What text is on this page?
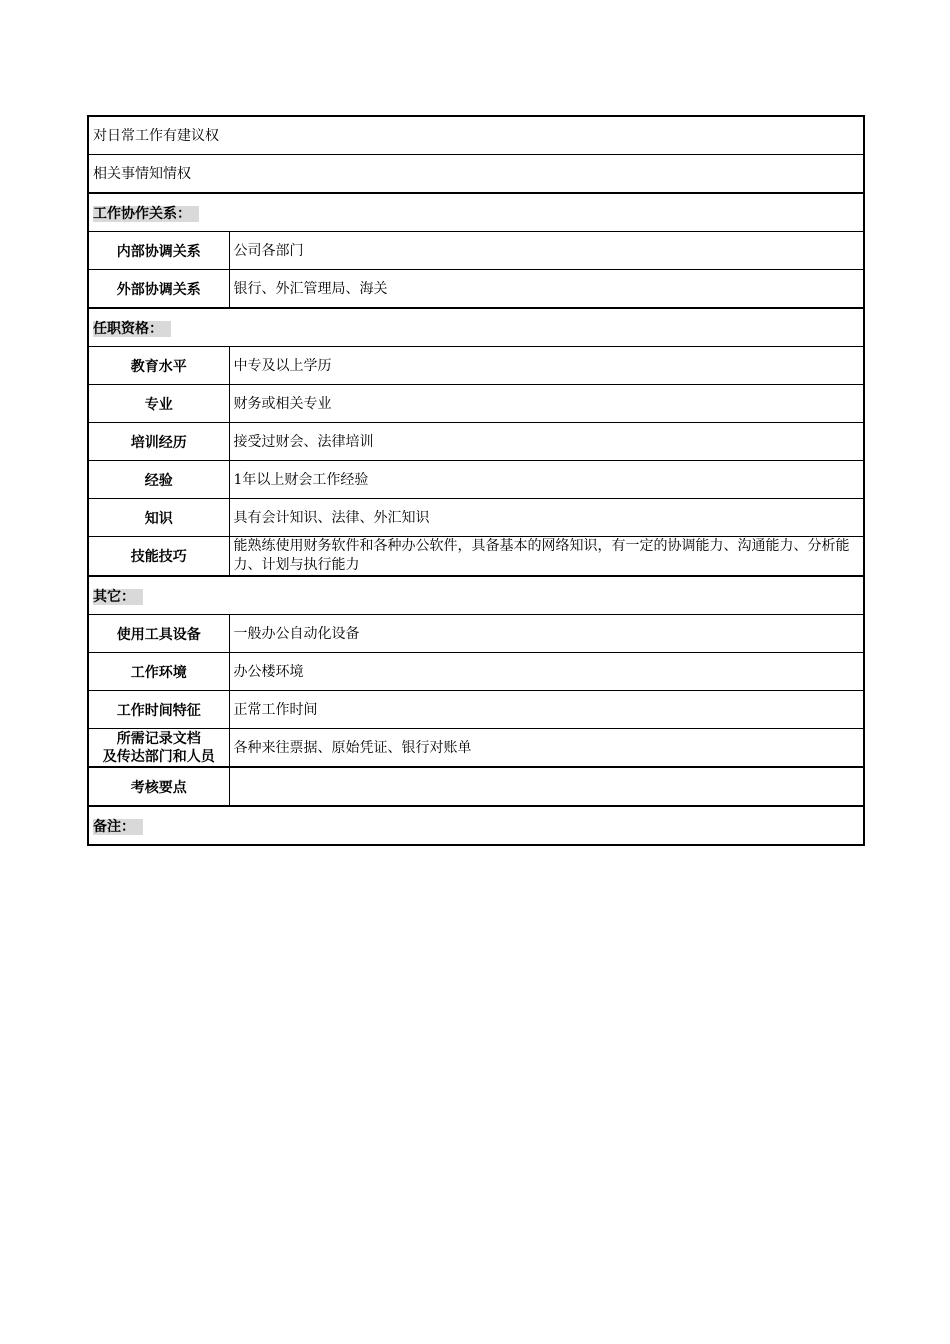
对日常工作有建议权	
相关事情知情权	
工作协作关系：	
内部协调关系	公司各部门
外部协调关系	银行、外汇管理局、海关
任职资格：	
教育水平	中专及以上学历
专业	财务或相关专业
培训经历	接受过财会、法律培训
经验	1年以上财会工作经验
知识	具有会计知识、法律、外汇知识
技能技巧	能熟练使用财务软件和各种办公软件，具备基本的网络知识，有一定的协调能力、沟通能力、分析能力、计划与执行能力
其它：	
使用工具设备	一般办公自动化设备
工作环境	办公楼环境
工作时间特征	正常工作时间

所需记录文档
及传达部门和人员	各种来往票据、原始凭证、银行对账单
考核要点	
备注：	
